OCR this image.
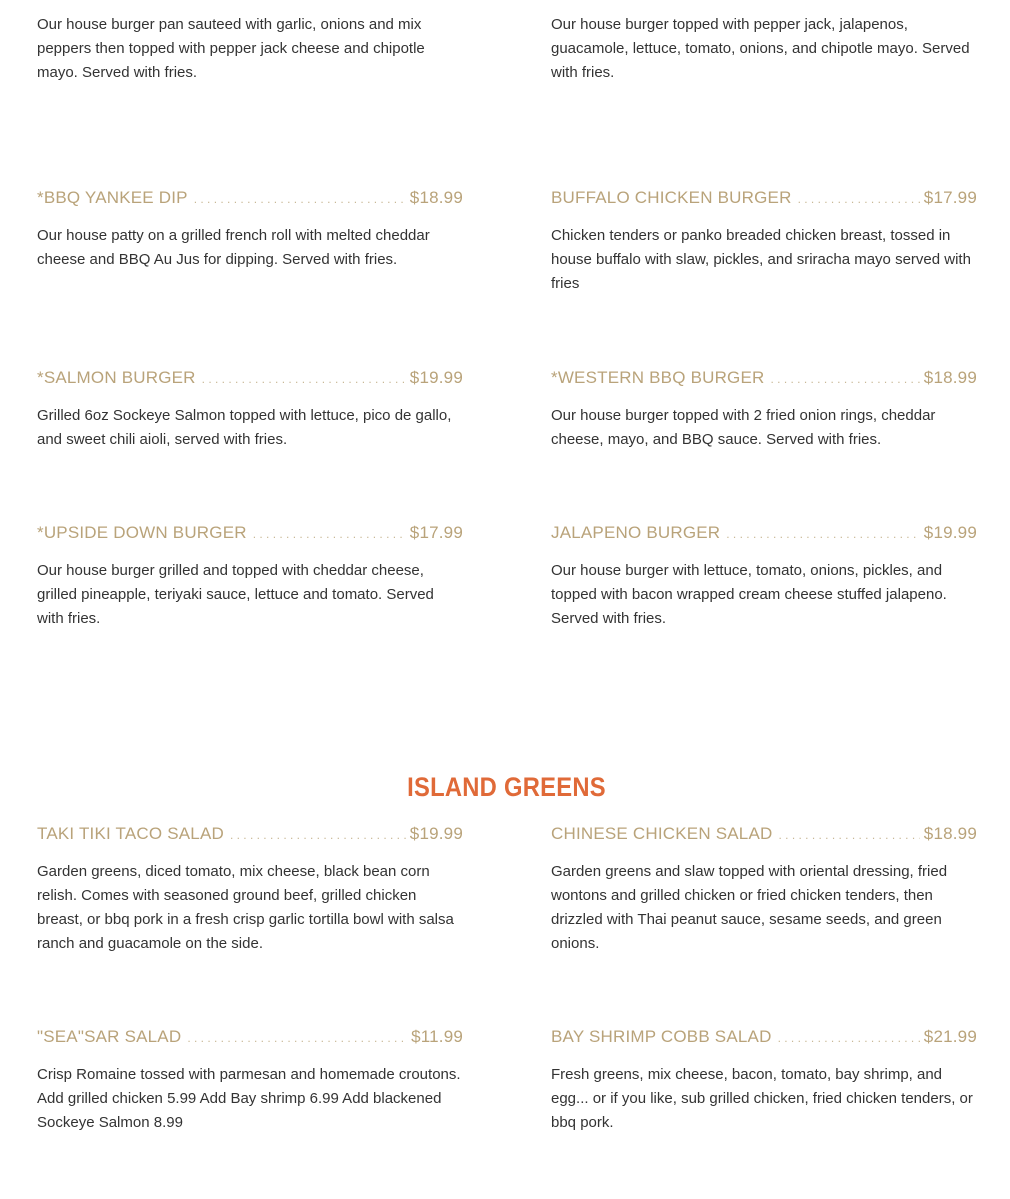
Our house burger pan sauteed with garlic, onions and mix peppers then topped with pepper jack cheese and chipotle mayo. Served with fries.

Our house burger topped with pepper jack, jalapenos, guacamole, lettuce, tomato, onions, and chipotle mayo. Served with fries.

*BBQ YANKEE DIP . . .	$18.99

Our house patty on a grilled french roll with melted cheddar cheese and BBQ Au Jus for dipping. Served with fries.

BUFFALO CHICKEN BURGER . . .	$17.99

Chicken tenders or panko breaded chicken breast, tossed in house buffalo with slaw, pickles, and sriracha mayo served with fries

*SALMON BURGER . . .	$19.99

Grilled 6oz Sockeye Salmon topped with lettuce, pico de gallo, and sweet chili aioli, served with fries.

*WESTERN BBQ BURGER . . .	$18.99

Our house burger topped with 2 fried onion rings, cheddar cheese, mayo, and BBQ sauce. Served with fries.

*UPSIDE DOWN BURGER . . .	$17.99

Our house burger grilled and topped with cheddar cheese, grilled pineapple, teriyaki sauce, lettuce and tomato. Served with fries.

JALAPENO BURGER . . .	$19.99

Our house burger with lettuce, tomato, onions, pickles, and topped with bacon wrapped cream cheese stuffed jalapeno. Served with fries.

ISLAND GREENS
TAKI TIKI TACO SALAD . . .	$19.99

Garden greens, diced tomato, mix cheese, black bean corn relish. Comes with seasoned ground beef, grilled chicken breast, or bbq pork in a fresh crisp garlic tortilla bowl with salsa ranch and guacamole on the side.

CHINESE CHICKEN SALAD . . .	$18.99

Garden greens and slaw topped with oriental dressing, fried wontons and grilled chicken or fried chicken tenders, then drizzled with Thai peanut sauce, sesame seeds, and green onions.

"SEA"SAR SALAD . . .	$11.99

Crisp Romaine tossed with parmesan and homemade croutons. Add grilled chicken 5.99 Add Bay shrimp 6.99 Add blackened Sockeye Salmon 8.99

BAY SHRIMP COBB SALAD . . .	$21.99

Fresh greens, mix cheese, bacon, tomato, bay shrimp, and egg... or if you like, sub grilled chicken, fried chicken tenders, or bbq pork.
